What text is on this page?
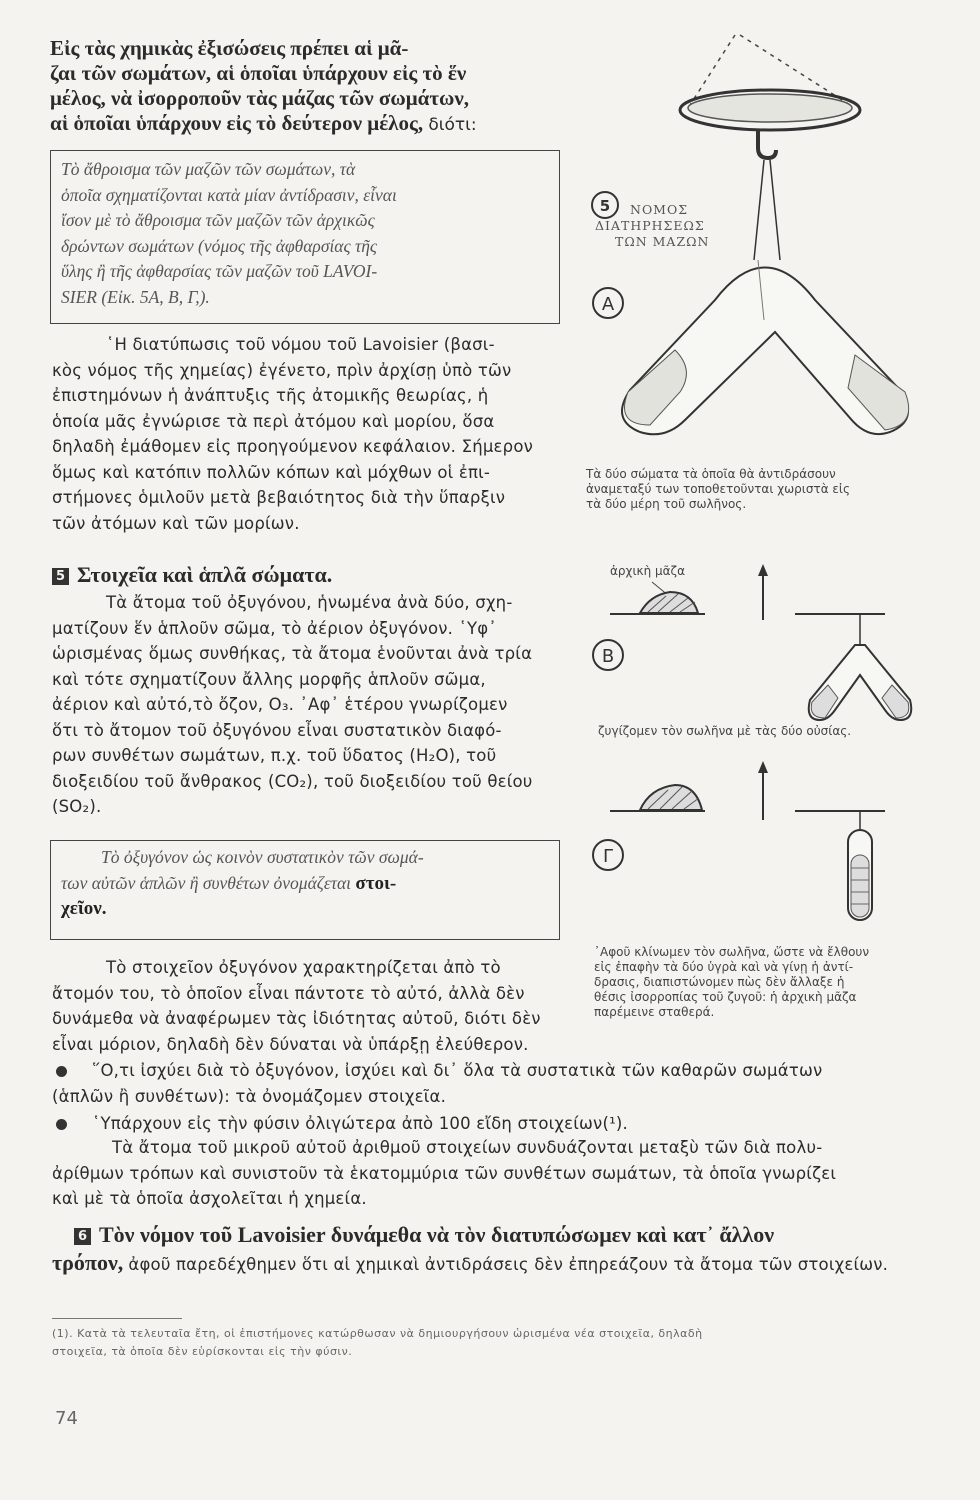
Εἰς τὰς χημικὰς ἐξισώσεις πρέπει αἱ μᾶ-
ζαι τῶν σωμάτων, αἱ ὁποῖαι ὑπάρχουν εἰς τὸ ἕν
μέλος, νὰ ἰσορροποῦν τὰς μάζας τῶν σωμάτων,
αἱ ὁποῖαι ὑπάρχουν εἰς τὸ δεύτερον μέλος, διότι:
Τὸ ἄθροισμα τῶν μαζῶν τῶν σωμάτων, τὰ
ὁποῖα σχηματίζονται κατὰ μίαν ἀντίδρασιν, εἶναι
ἴσον μὲ τὸ ἄθροισμα τῶν μαζῶν τῶν ἀρχικῶς
δρώντων σωμάτων (νόμος τῆς ἀφθαρσίας τῆς
ὕλης ἢ τῆς ἀφθαρσίας τῶν μαζῶν τοῦ LAVOI-
SIER (Εἰκ. 5Α, Β, Γ,).
῾Η διατύπωσις τοῦ νόμου τοῦ Lavoisier (βασι-
κὸς νόμος τῆς χημείας) ἐγένετο, πρὶν ἀρχίσῃ ὑπὸ τῶν
ἐπιστημόνων ἡ ἀνάπτυξις τῆς ἀτομικῆς θεωρίας, ἡ
ὁποία μᾶς ἐγνώρισε τὰ περὶ ἀτόμου καὶ μορίου, ὅσα
δηλαδὴ ἐμάθομεν εἰς προηγούμενον κεφάλαιον. Σήμερον
ὅμως καὶ κατόπιν πολλῶν κόπων καὶ μόχθων οἱ ἐπι-
στήμονες ὁμιλοῦν μετὰ βεβαιότητος διὰ τὴν ὕπαρξιν
τῶν ἀτόμων καὶ τῶν μορίων.
5 Στοιχεῖα καὶ ἁπλᾶ σώματα.
Τὰ ἄτομα τοῦ ὀξυγόνου, ἡνωμένα ἀνὰ δύο, σχη-
ματίζουν ἕν ἁπλοῦν σῶμα, τὸ ἀέριον ὀξυγόνον. ῾Υφ᾿
ὡρισμένας ὅμως συνθήκας, τὰ ἄτομα ἑνοῦνται ἀνὰ τρία
καὶ τότε σχηματίζουν ἄλλης μορφῆς ἁπλοῦν σῶμα,
ἀέριον καὶ αὐτό,τὸ ὄζον, O₃. ᾿Αφ᾿ ἑτέρου γνωρίζομεν
ὅτι τὸ ἄτομον τοῦ ὀξυγόνου εἶναι συστατικὸν διαφό-
ρων συνθέτων σωμάτων, π.χ. τοῦ ὕδατος (H₂O), τοῦ
διοξειδίου τοῦ ἄνθρακος (CO₂), τοῦ διοξειδίου τοῦ θείου
(SO₂).
Τὸ ὀξυγόνον ὡς κοινὸν συστατικὸν τῶν σωμά-
των αὐτῶν ἁπλῶν ἢ συνθέτων ὀνομάζεται στοι-
χεῖον.
Τὸ στοιχεῖον ὀξυγόνον χαρακτηρίζεται ἀπὸ τὸ
ἄτομόν του, τὸ ὁποῖον εἶναι πάντοτε τὸ αὐτό, ἀλλὰ δὲν
δυνάμεθα νὰ ἀναφέρωμεν τὰς ἰδιότητας αὐτοῦ, διότι δὲν
εἶναι μόριον, δηλαδὴ δὲν δύναται νὰ ὑπάρξῃ ἐλεύθερον.
῞Ο,τι ἰσχύει διὰ τὸ ὀξυγόνον, ἰσχύει καὶ δι᾿ ὅλα τὰ συστατικὰ τῶν καθαρῶν σωμάτων
(ἁπλῶν ἢ συνθέτων): τὰ ὀνομάζομεν στοιχεῖα.
῾Υπάρχουν εἰς τὴν φύσιν ὀλιγώτερα ἀπὸ 100 εἴδη στοιχείων(¹).
Τὰ ἄτομα τοῦ μικροῦ αὐτοῦ ἀριθμοῦ στοιχείων συνδυάζονται μεταξὺ τῶν διὰ πολυ-
ἀρίθμων τρόπων καὶ συνιστοῦν τὰ ἑκατομμύρια τῶν συνθέτων σωμάτων, τὰ ὁποῖα γνωρίζει
καὶ μὲ τὰ ὁποῖα ἀσχολεῖται ἡ χημεία.
6 Τὸν νόμον τοῦ Lavoisier δυνάμεθα νὰ τὸν διατυπώσωμεν καὶ κατ᾿ ἄλλον
τρόπον, ἀφοῦ παρεδέχθημεν ὅτι αἱ χημικαὶ ἀντιδράσεις δὲν ἐπηρεάζουν τὰ ἄτομα τῶν στοιχείων.
(1). Κατὰ τὰ τελευταῖα ἔτη, οἱ ἐπιστήμονες κατώρθωσαν νὰ δημιουργήσουν ὡρισμένα νέα στοιχεῖα, δηλαδὴ
στοιχεῖα, τὰ ὁποῖα δὲν εὑρίσκονται εἰς τὴν φύσιν.
74
5 ΝΟΜΟΣ
ΔΙΑΤΗΡΗΣΕΩΣ
ΤΩΝ ΜΑΖΩΝ
Α
ἀρχικὴ μᾶζα
Β
ζυγίζομεν τὸν σωλῆνα μὲ τὰς δύο οὐσίας.
Γ
Τὰ δύο σώματα τὰ ὁποῖα θὰ ἀντιδράσουν
ἀναμεταξύ των τοποθετοῦνται χωριστὰ εἰς
τὰ δύο μέρη τοῦ σωλῆνος.
᾿Αφοῦ κλίνωμεν τὸν σωλῆνα, ὥστε νὰ ἔλθουν
εἰς ἐπαφὴν τὰ δύο ὑγρὰ καὶ νὰ γίνῃ ἡ ἀντί-
δρασις, διαπιστώνομεν πὼς δὲν ἄλλαξε ἡ
θέσις ἰσορροπίας τοῦ ζυγοῦ: ἡ ἀρχικὴ μᾶζα
παρέμεινε σταθερά.
